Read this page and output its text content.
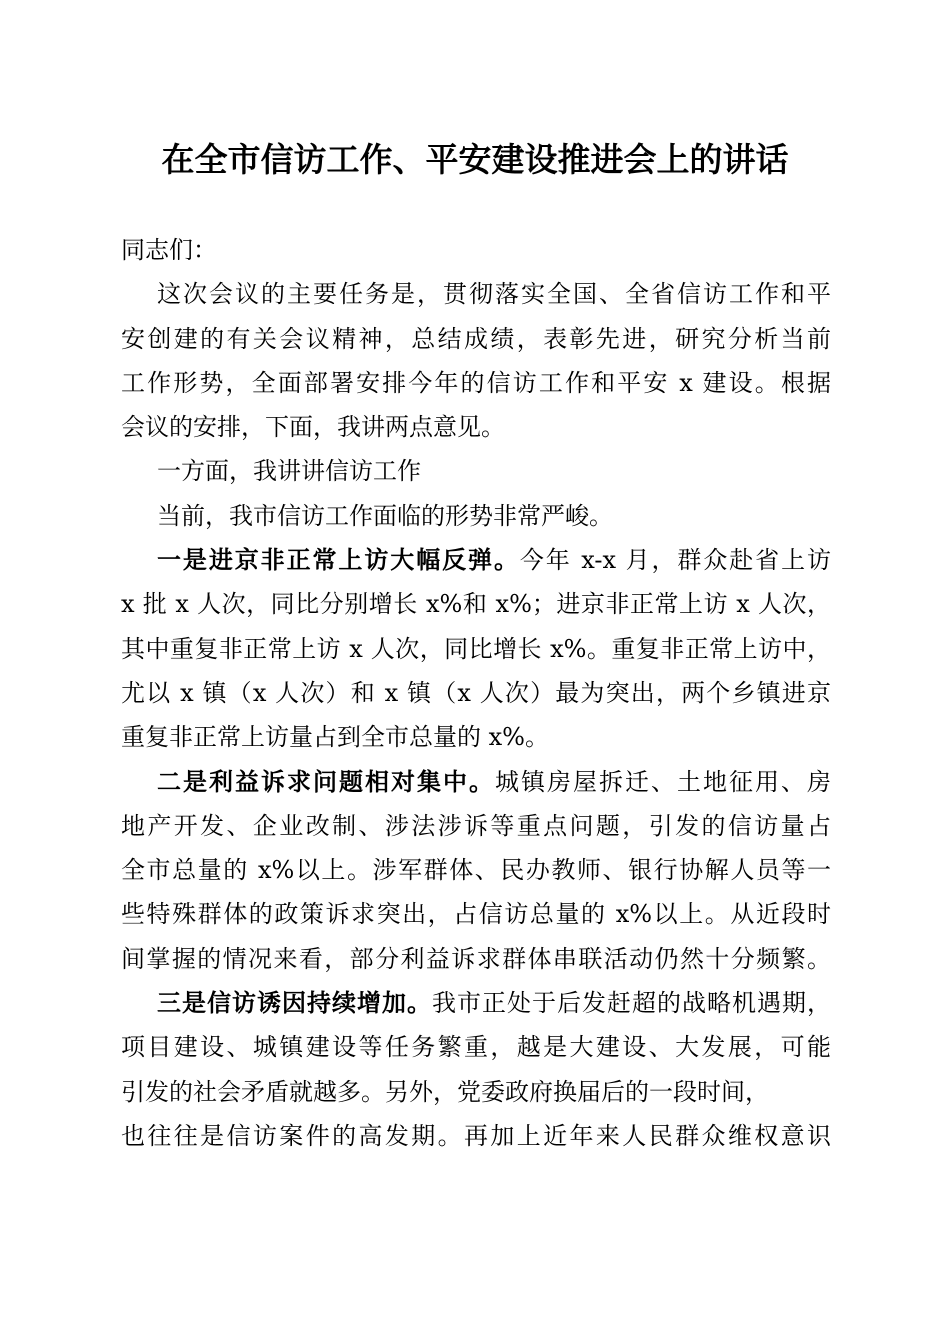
在全市信访工作、平安建设推进会上的讲话
同志们：
这次会议的主要任务是，贯彻落实全国、全省信访工作和平
安创建的有关会议精神，总结成绩，表彰先进，研究分析当前
工作形势，全面部署安排今年的信访工作和平安 x 建设。根据
会议的安排，下面，我讲两点意见。
一方面，我讲讲信访工作
当前，我市信访工作面临的形势非常严峻。
一是进京非正常上访大幅反弹。今年 x-x 月，群众赴省上访
x 批 x 人次，同比分别增长 x%和 x%；进京非正常上访 x 人次，
其中重复非正常上访 x 人次，同比增长 x%。重复非正常上访中，
尤以 x 镇（x 人次）和 x 镇（x 人次）最为突出，两个乡镇进京
重复非正常上访量占到全市总量的 x%。
二是利益诉求问题相对集中。城镇房屋拆迁、土地征用、房
地产开发、企业改制、涉法涉诉等重点问题，引发的信访量占
全市总量的 x%以上。涉军群体、民办教师、银行协解人员等一
些特殊群体的政策诉求突出，占信访总量的 x%以上。从近段时
间掌握的情况来看，部分利益诉求群体串联活动仍然十分频繁。
三是信访诱因持续增加。我市正处于后发赶超的战略机遇期，
项目建设、城镇建设等任务繁重，越是大建设、大发展，可能
引发的社会矛盾就越多。另外，党委政府换届后的一段时间，
也往往是信访案件的高发期。再加上近年来人民群众维权意识
